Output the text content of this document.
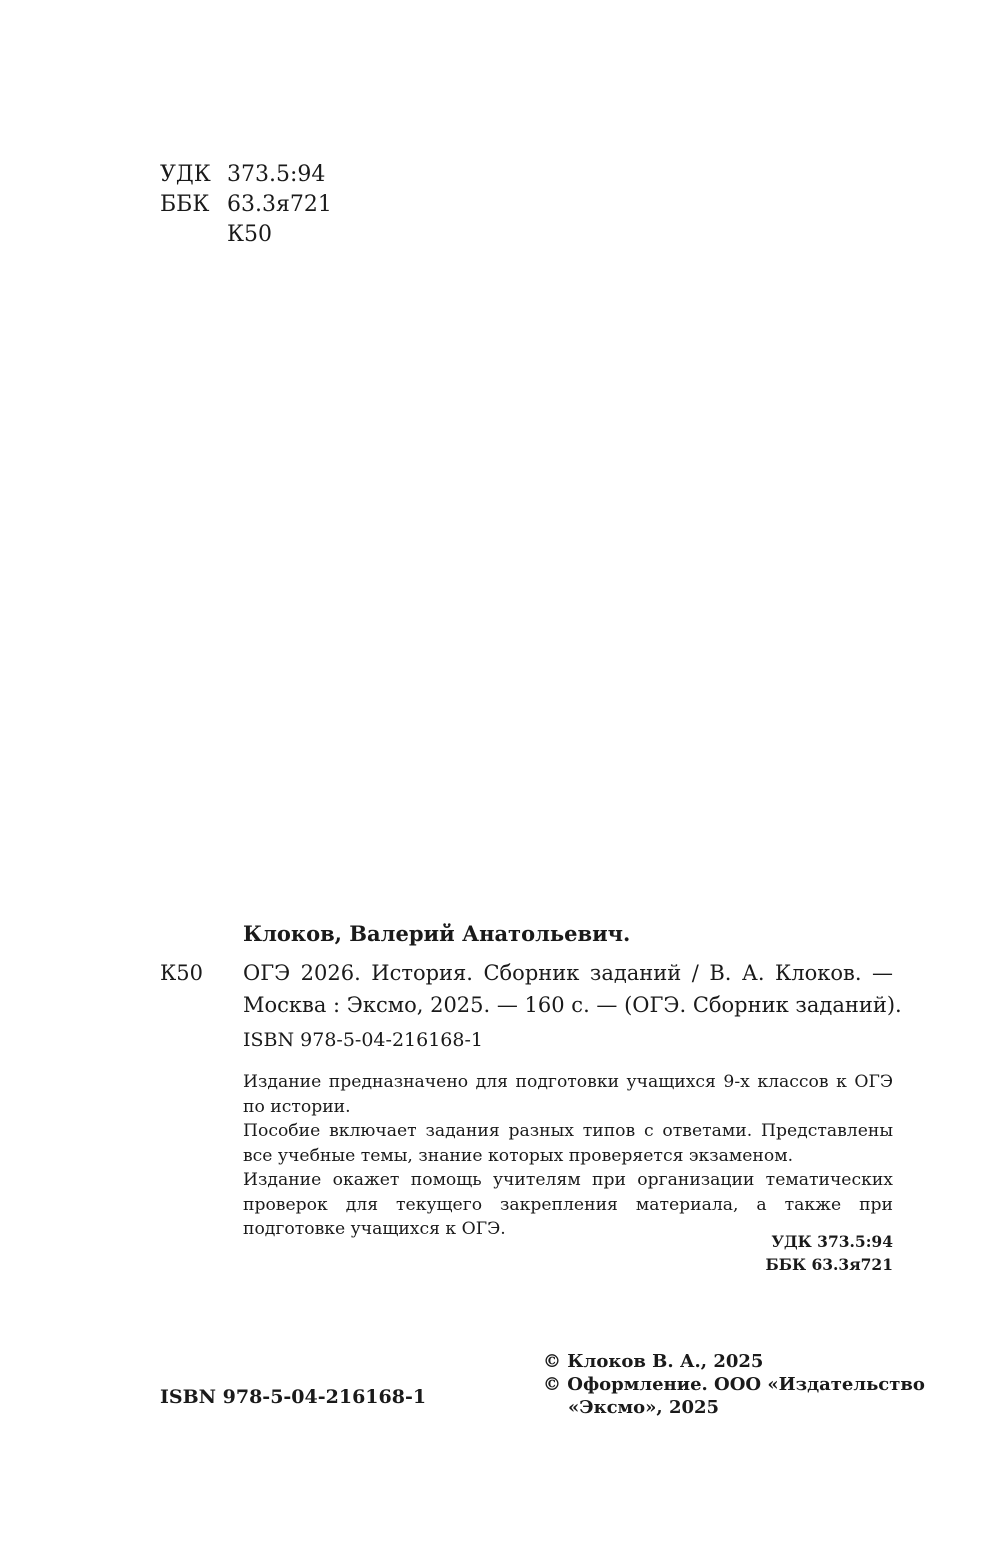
УДК 373.5:94
ББК 63.3я721
К50
Клоков, Валерий Анатольевич.
К50 ОГЭ 2026. История. Сборник заданий / В. А. Клоков. —
Москва : Эксмо, 2025. — 160 с. — (ОГЭ. Сборник заданий).
ISBN 978-5-04-216168-1

Издание предназначено для подготовки учащихся 9-х классов к ОГЭ по истории.

Пособие включает задания разных типов с ответами. Представлены все учебные темы, знание которых проверяется экзаменом.

Издание окажет помощь учителям при организации тематических проверок для текущего закрепления материала, а также при подготовке учащихся к ОГЭ.

УДК 373.5:94
ББК 63.3я721
ISBN 978-5-04-216168-1
© Клоков В. А., 2025
© Оформление. ООО «Издательство
«Эксмо», 2025
